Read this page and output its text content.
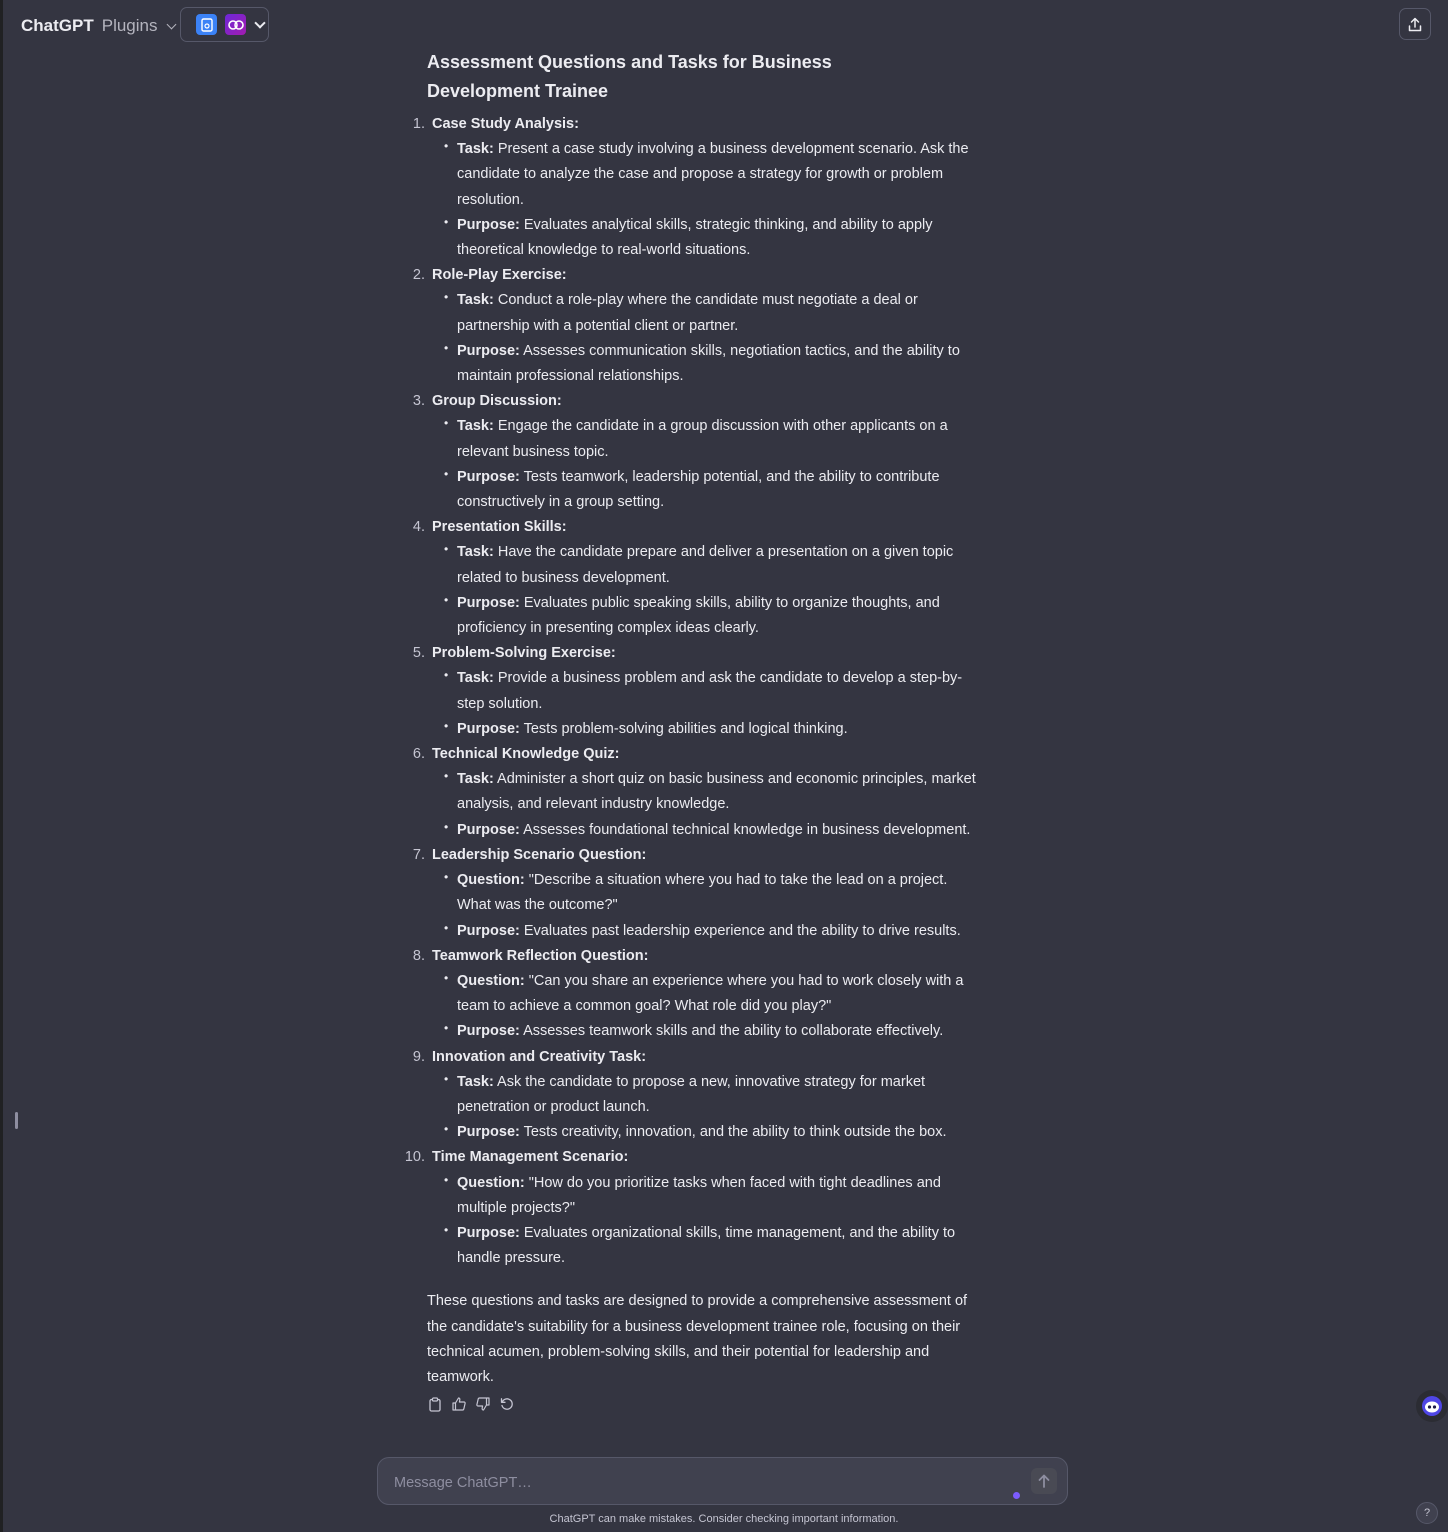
ChatGPT Plugins
Assessment Questions and Tasks for Business Development Trainee
1. Case Study Analysis:
• Task: Present a case study involving a business development scenario. Ask the candidate to analyze the case and propose a strategy for growth or problem resolution.
• Purpose: Evaluates analytical skills, strategic thinking, and ability to apply theoretical knowledge to real-world situations.
2. Role-Play Exercise:
• Task: Conduct a role-play where the candidate must negotiate a deal or partnership with a potential client or partner.
• Purpose: Assesses communication skills, negotiation tactics, and the ability to maintain professional relationships.
3. Group Discussion:
• Task: Engage the candidate in a group discussion with other applicants on a relevant business topic.
• Purpose: Tests teamwork, leadership potential, and the ability to contribute constructively in a group setting.
4. Presentation Skills:
• Task: Have the candidate prepare and deliver a presentation on a given topic related to business development.
• Purpose: Evaluates public speaking skills, ability to organize thoughts, and proficiency in presenting complex ideas clearly.
5. Problem-Solving Exercise:
• Task: Provide a business problem and ask the candidate to develop a step-by-step solution.
• Purpose: Tests problem-solving abilities and logical thinking.
6. Technical Knowledge Quiz:
• Task: Administer a short quiz on basic business and economic principles, market analysis, and relevant industry knowledge.
• Purpose: Assesses foundational technical knowledge in business development.
7. Leadership Scenario Question:
• Question: "Describe a situation where you had to take the lead on a project. What was the outcome?"
• Purpose: Evaluates past leadership experience and the ability to drive results.
8. Teamwork Reflection Question:
• Question: "Can you share an experience where you had to work closely with a team to achieve a common goal? What role did you play?"
• Purpose: Assesses teamwork skills and the ability to collaborate effectively.
9. Innovation and Creativity Task:
• Task: Ask the candidate to propose a new, innovative strategy for market penetration or product launch.
• Purpose: Tests creativity, innovation, and the ability to think outside the box.
10. Time Management Scenario:
• Question: "How do you prioritize tasks when faced with tight deadlines and multiple projects?"
• Purpose: Evaluates organizational skills, time management, and the ability to handle pressure.
These questions and tasks are designed to provide a comprehensive assessment of the candidate's suitability for a business development trainee role, focusing on their technical acumen, problem-solving skills, and their potential for leadership and teamwork.
Message ChatGPT…
ChatGPT can make mistakes. Consider checking important information.	?
